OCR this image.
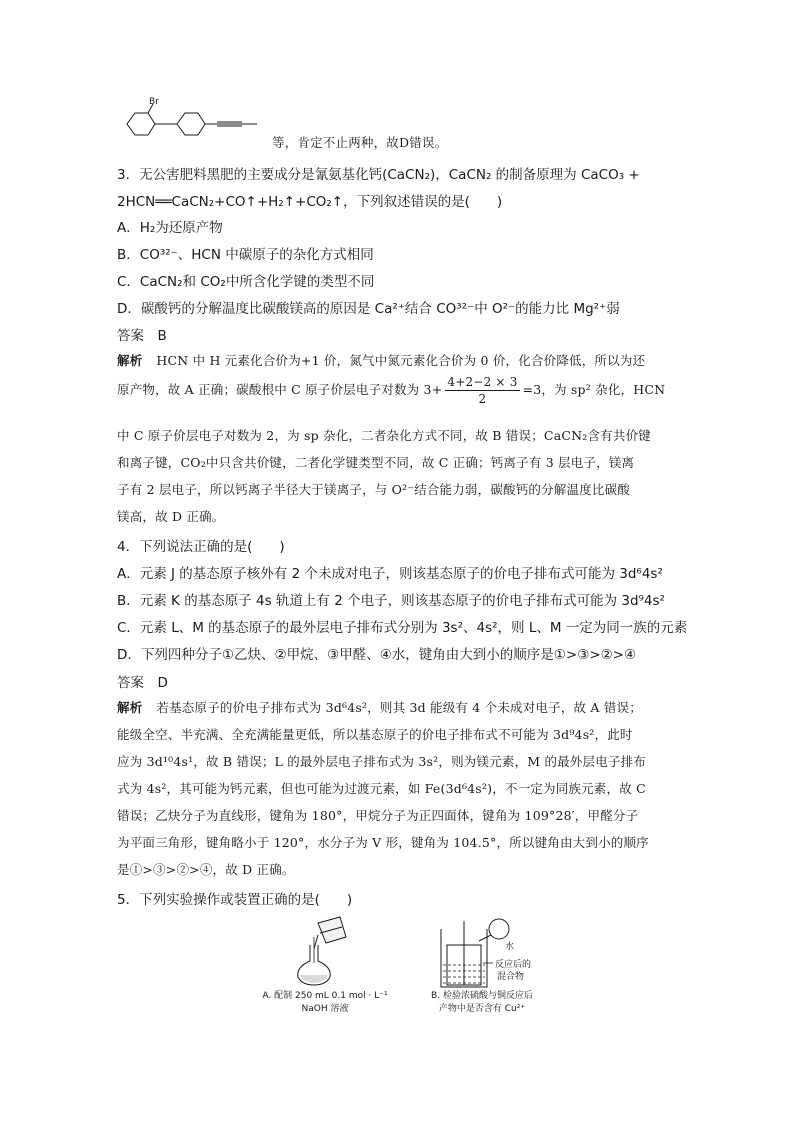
Br
等，肯定不止两种，故D错误。
3．无公害肥料黑肥的主要成分是氰氨基化钙(CaCN₂)，CaCN₂ 的制备原理为 CaCO₃ +
2HCN══CaCN₂+CO↑+H₂↑+CO₂↑，下列叙述错误的是(　　)
A．H₂为还原产物
B．CO³²⁻、HCN 中碳原子的杂化方式相同
C．CaCN₂和 CO₂中所含化学键的类型不同
D．碳酸钙的分解温度比碳酸镁高的原因是 Ca²⁺结合 CO³²⁻中 O²⁻的能力比 Mg²⁺弱
答案　B
解析 HCN 中 H 元素化合价为+1 价，氮气中氮元素化合价为 0 价，化合价降低，所以为还
原产物，故 A 正确；碳酸根中 C 原子价层电子对数为 $3+ \frac{4+2-2 \times 3}{2} =3$，为 sp² 杂化，HCN
中 C 原子价层电子对数为 2，为 sp 杂化，二者杂化方式不同，故 B 错误；CaCN₂含有共价键
和离子键，CO₂中只含共价键，二者化学键类型不同，故 C 正确；钙离子有 3 层电子，镁离
子有 2 层电子，所以钙离子半径大于镁离子，与 O²⁻结合能力弱，碳酸钙的分解温度比碳酸
镁高，故 D 正确。
4．下列说法正确的是(　　)
A．元素 J 的基态原子核外有 2 个未成对电子，则该基态原子的价电子排布式可能为 3d⁶4s²
B．元素 K 的基态原子 4s 轨道上有 2 个电子，则该基态原子的价电子排布式可能为 3d⁹4s²
C．元素 L、M 的基态原子的最外层电子排布式分别为 3s²、4s²，则 L、M 一定为同一族的元素
D．下列四种分子①乙炔、②甲烷、③甲醛、④水，键角由大到小的顺序是①>③>②>④
答案　D
解析 若基态原子的价电子排布式为 3d⁶4s²，则其 3d 能级有 4 个未成对电子，故 A 错误；
能级全空、半充满、全充满能量更低，所以基态原子的价电子排布式不可能为 3d⁹4s²，此时
应为 3d¹⁰4s¹，故 B 错误；L 的最外层电子排布式为 3s²，则为镁元素，M 的最外层电子排布
式为 4s²，其可能为钙元素，但也可能为过渡元素，如 Fe(3d⁶4s²)，不一定为同族元素，故 C
错误；乙炔分子为直线形，键角为 180°，甲烷分子为正四面体，键角为 109°28′，甲醛分子
为平面三角形，键角略小于 120°，水分子为 V 形，键角为 104.5°，所以键角由大到小的顺序
是①>③>②>④，故 D 正确。
5．下列实验操作或装置正确的是(　　)
A. 配制 250 mL 0.1 mol · L⁻¹
NaOH 溶液
水
反应后的
混合物
B. 检验浓硫酸与铜反应后
产物中是否含有 Cu²⁺
